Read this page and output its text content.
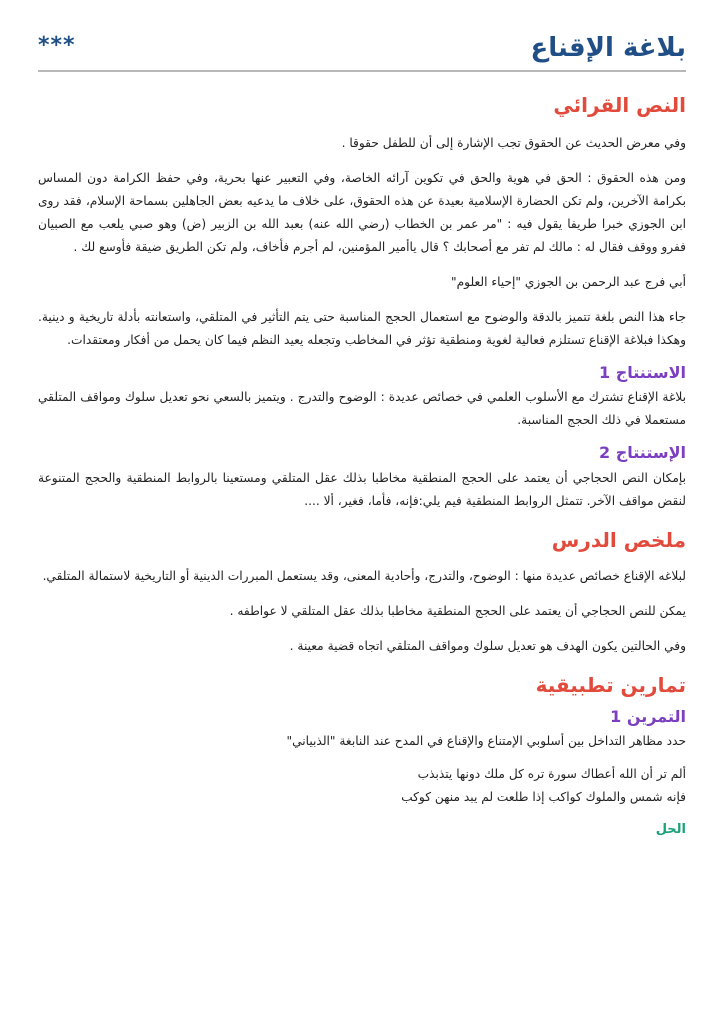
بلاغة الإقناع
***
النص القرائي

وفي معرض الحديث عن الحقوق تجب الإشارة إلى أن للطفل حقوقا .

ومن هذه الحقوق : الحق في هوية والحق في تكوين آرائه الخاصة، وفي التعبير عنها بحرية، وفي حفظ الكرامة دون المساس بكرامة الآخرين، ولم تكن الحضارة الإسلامية بعيدة عن هذه الحقوق، على خلاف ما يدعيه بعض الجاهلين بسماحة الإسلام، فقد روى ابن الجوزي خبرا طريفا يقول فيه : "مر عمر بن الخطاب (رضي الله عنه) بعبد الله بن الزبير (ض) وهو صبي يلعب مع الصبيان ففرو ووقف فقال له : مالك لم تفر مع أصحابك ؟ قال ياأمير المؤمنين، لم أجرم فأخاف، ولم تكن الطريق ضيقة فأوسع لك .

أبي فرج عبد الرحمن بن الجوزي "إحياء العلوم"

جاء هذا النص بلغة تتميز بالدقة والوضوح مع استعمال الحجج المناسبة حتى يتم التأثير في المتلقي، واستعانته بأدلة تاريخية و دينية. وهكذا فبلاغة الإقناع تستلزم فعالية لغوية ومنطقية تؤثر في المخاطب وتجعله يعيد النظم فيما كان يحمل من أفكار ومعتقدات.

الاستنتاج 1

بلاغة الإقناع تشترك مع الأسلوب العلمي في خصائص عديدة : الوضوح والتدرج . ويتميز بالسعي نحو تعديل سلوك ومواقف المتلقي مستعملا في ذلك الحجج المناسبة.

الإستنتاج 2

بإمكان النص الحجاجي أن يعتمد على الحجج المنطقية مخاطبا بذلك عقل المتلقي ومستعينا بالروابط المنطقية والحجج المتنوعة لنقض مواقف الآخر. تتمثل الروابط المنطقية فيم يلي:فإنه، فأما، فغير، ألا ....

ملخص الدرس

لبلاغه الإقناع خصائص عديدة منها : الوضوح، والتدرج، وأحادية المعنى، وقد يستعمل المبررات الدينية أو التاريخية لاستمالة المتلقي.

يمكن للنص الحجاجي أن يعتمد على الحجج المنطقية مخاطبا بذلك عقل المتلقي لا عواطفه .

وفي الحالتين يكون الهدف هو تعديل سلوك ومواقف المتلقي اتجاه قضية معينة .

تمارين تطبيقية
التمرين 1

حدد مظاهر التداخل بين أسلوبي الإمتناع والإقناع في المدح عند النابغة "الذبياني"

ألم تر أن الله أعطاك سورة تره كل ملك دونها يتذبذب
فإنه شمس والملوك كواكب إذا طلعت لم يبد منهن كوكب
الحل
